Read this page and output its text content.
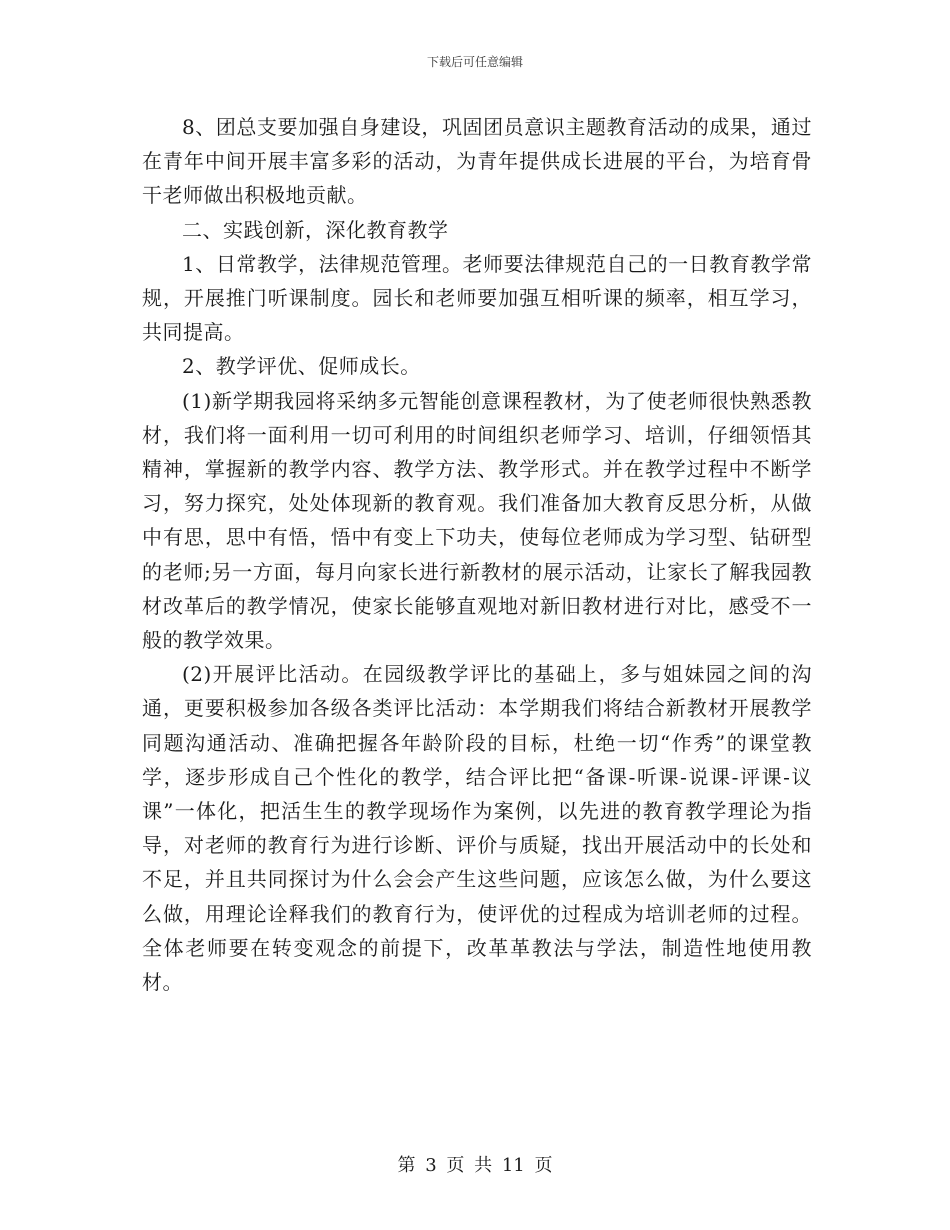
下载后可任意编辑

8、团总支要加强自身建设，巩固团员意识主题教育活动的成果，通过在青年中间开展丰富多彩的活动，为青年提供成长进展的平台，为培育骨干老师做出积极地贡献。

二、实践创新，深化教育教学

1、日常教学，法律规范管理。老师要法律规范自己的一日教育教学常规，开展推门听课制度。园长和老师要加强互相听课的频率，相互学习，共同提高。

2、教学评优、促师成长。

(1)新学期我园将采纳多元智能创意课程教材，为了使老师很快熟悉教材，我们将一面利用一切可利用的时间组织老师学习、培训，仔细领悟其精神，掌握新的教学内容、教学方法、教学形式。并在教学过程中不断学习，努力探究，处处体现新的教育观。我们准备加大教育反思分析，从做中有思，思中有悟，悟中有变上下功夫，使每位老师成为学习型、钻研型的老师;另一方面，每月向家长进行新教材的展示活动，让家长了解我园教材改革后的教学情况，使家长能够直观地对新旧教材进行对比，感受不一般的教学效果。

(2)开展评比活动。在园级教学评比的基础上，多与姐妹园之间的沟通，更要积极参加各级各类评比活动：本学期我们将结合新教材开展教学同题沟通活动、准确把握各年龄阶段的目标，杜绝一切“作秀”的课堂教学，逐步形成自己个性化的教学，结合评比把“备课-听课-说课-评课-议课”一体化，把活生生的教学现场作为案例，以先进的教育教学理论为指导，对老师的教育行为进行诊断、评价与质疑，找出开展活动中的长处和不足，并且共同探讨为什么会会产生这些问题，应该怎么做，为什么要这么做，用理论诠释我们的教育行为，使评优的过程成为培训老师的过程。全体老师要在转变观念的前提下，改革革教法与学法，制造性地使用教材。

第 3 页 共 11 页
